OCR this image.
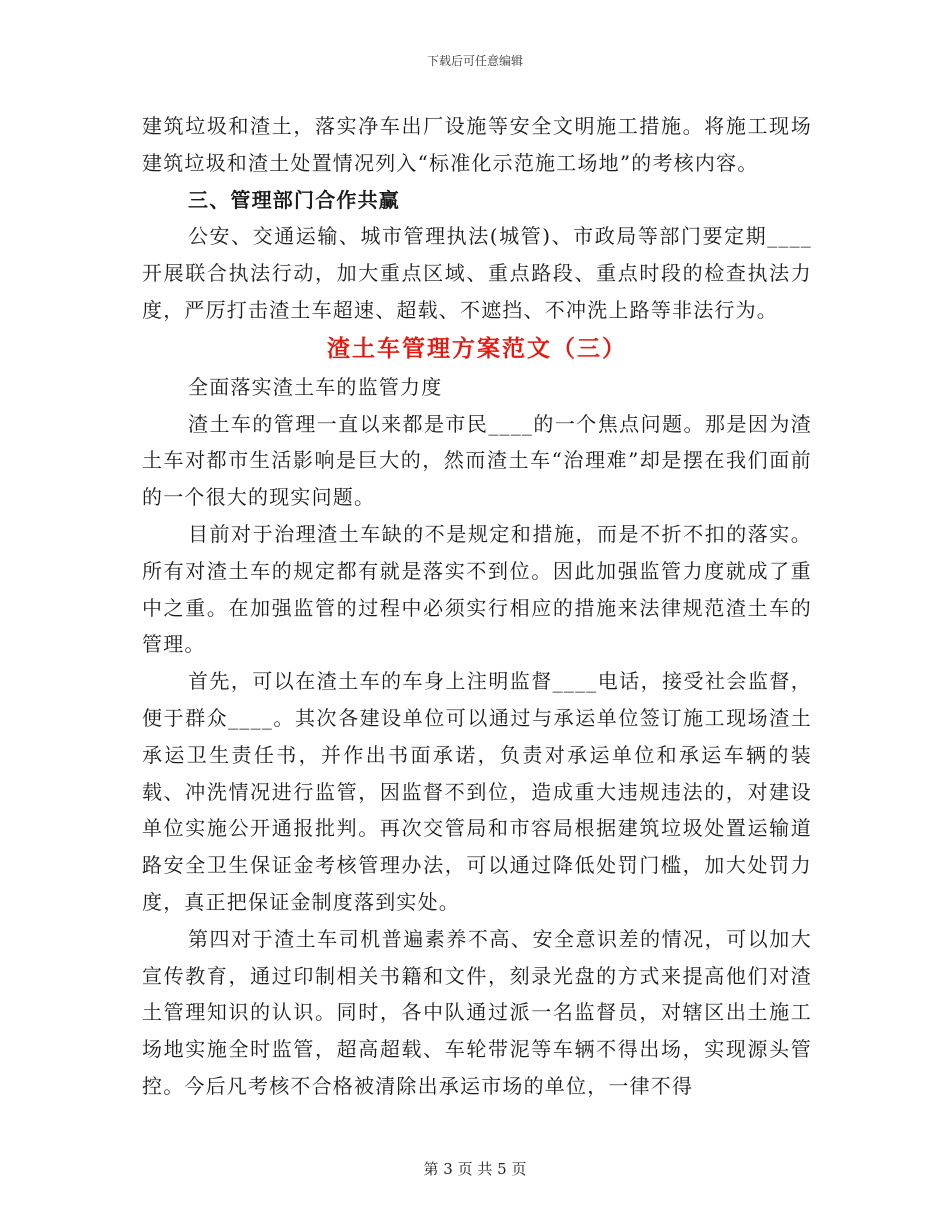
下载后可任意编辑

建筑垃圾和渣土，落实净车出厂设施等安全文明施工措施。将施工现场建筑垃圾和渣土处置情况列入“标准化示范施工场地”的考核内容。

三、管理部门合作共赢

公安、交通运输、城市管理执法(城管)、市政局等部门要定期____开展联合执法行动，加大重点区域、重点路段、重点时段的检查执法力度，严厉打击渣土车超速、超载、不遮挡、不冲洗上路等非法行为。

渣土车管理方案范文（三）

全面落实渣土车的监管力度

渣土车的管理一直以来都是市民____的一个焦点问题。那是因为渣土车对都市生活影响是巨大的，然而渣土车“治理难”却是摆在我们面前的一个很大的现实问题。

目前对于治理渣土车缺的不是规定和措施，而是不折不扣的落实。所有对渣土车的规定都有就是落实不到位。因此加强监管力度就成了重中之重。在加强监管的过程中必须实行相应的措施来法律规范渣土车的管理。

首先，可以在渣土车的车身上注明监督____电话，接受社会监督，便于群众____。其次各建设单位可以通过与承运单位签订施工现场渣土承运卫生责任书，并作出书面承诺，负责对承运单位和承运车辆的装载、冲洗情况进行监管，因监督不到位，造成重大违规违法的，对建设单位实施公开通报批判。再次交管局和市容局根据建筑垃圾处置运输道路安全卫生保证金考核管理办法，可以通过降低处罚门槛，加大处罚力度，真正把保证金制度落到实处。

第四对于渣土车司机普遍素养不高、安全意识差的情况，可以加大宣传教育，通过印制相关书籍和文件，刻录光盘的方式来提高他们对渣土管理知识的认识。同时，各中队通过派一名监督员，对辖区出土施工场地实施全时监管，超高超载、车轮带泥等车辆不得出场，实现源头管控。今后凡考核不合格被清除出承运市场的单位，一律不得

第 3 页 共 5 页
